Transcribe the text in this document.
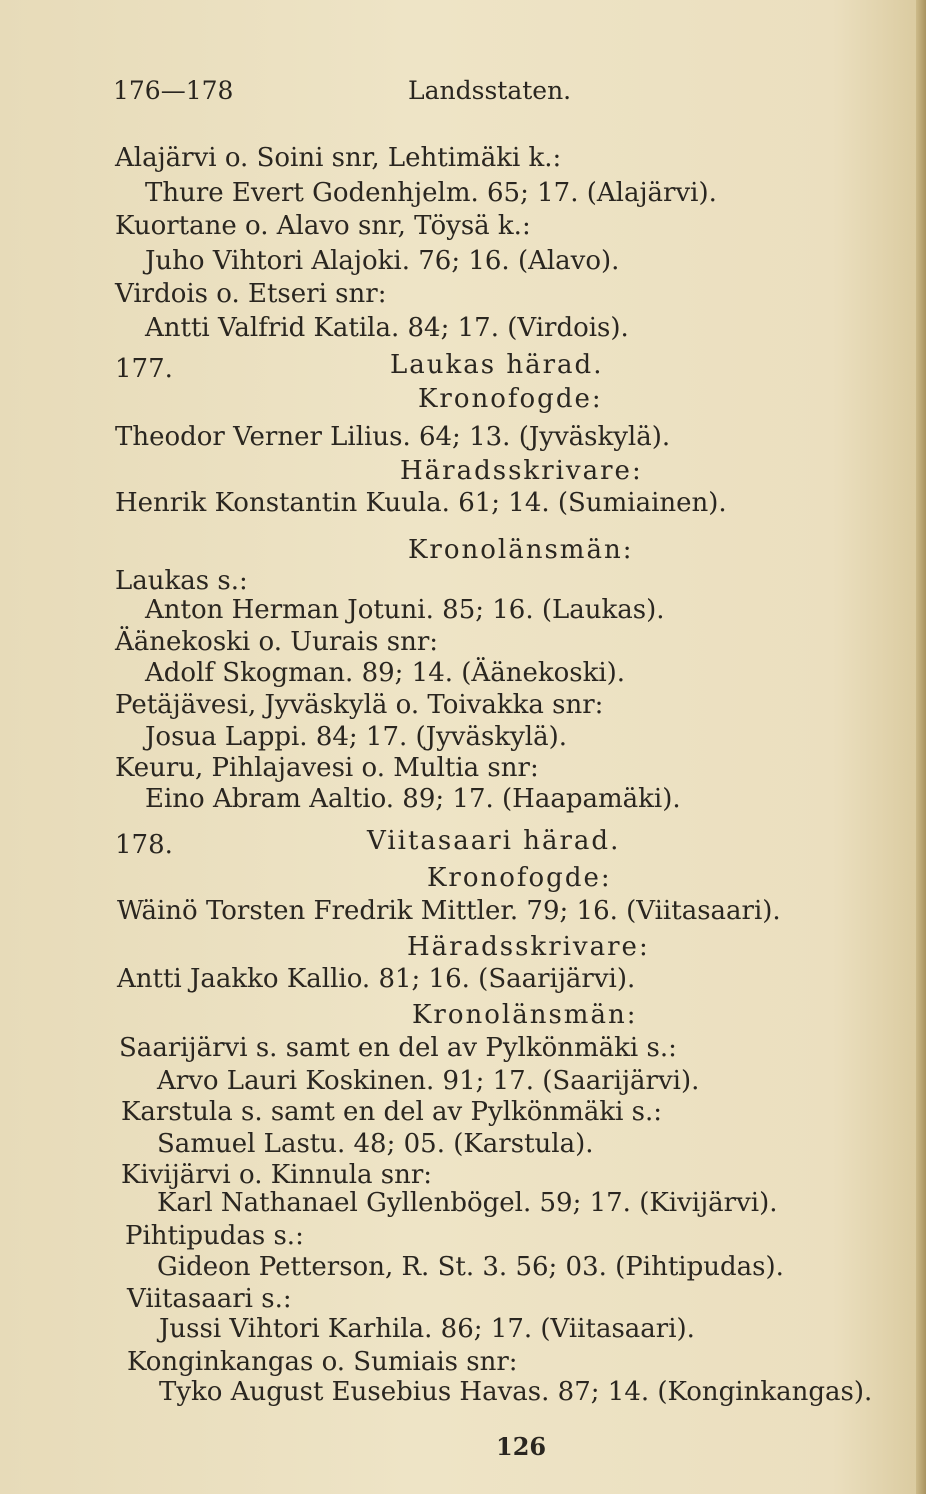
176—178	Landsstaten.
Alajärvi o. Soini snr, Lehtimäki k.:
Thure Evert Godenhjelm. 65; 17. (Alajärvi).
Kuortane o. Alavo snr, Töysä k.:
Juho Vihtori Alajoki. 76; 16. (Alavo).
Virdois o. Etseri snr:
Antti Valfrid Katila. 84; 17. (Virdois).
177.	Laukas härad.
Kronofogde:
Theodor Verner Lilius. 64; 13. (Jyväskylä).
Häradsskrivare:
Henrik Konstantin Kuula. 61; 14. (Sumiainen).
Kronolänsmän:
Laukas s.:
Anton Herman Jotuni. 85; 16. (Laukas).
Äänekoski o. Uurais snr:
Adolf Skogman. 89; 14. (Äänekoski).
Petäjävesi, Jyväskylä o. Toivakka snr:
Josua Lappi. 84; 17. (Jyväskylä).
Keuru, Pihlajavesi o. Multia snr:
Eino Abram Aaltio. 89; 17. (Haapamäki).
178.	Viitasaari härad.
Kronofogde:
Wäinö Torsten Fredrik Mittler. 79; 16. (Viitasaari).
Häradsskrivare:
Antti Jaakko Kallio. 81; 16. (Saarijärvi).
Kronolänsmän:
Saarijärvi s. samt en del av Pylkönmäki s.:
Arvo Lauri Koskinen. 91; 17. (Saarijärvi).
Karstula s. samt en del av Pylkönmäki s.:
Samuel Lastu. 48; 05. (Karstula).
Kivijärvi o. Kinnula snr:
Karl Nathanael Gyllenbögel. 59; 17. (Kivijärvi).
Pihtipudas s.:
Gideon Petterson, R. St. 3. 56; 03. (Pihtipudas).
Viitasaari s.:
Jussi Vihtori Karhila. 86; 17. (Viitasaari).
Konginkangas o. Sumiais snr:
Tyko August Eusebius Havas. 87; 14. (Konginkangas).
126
